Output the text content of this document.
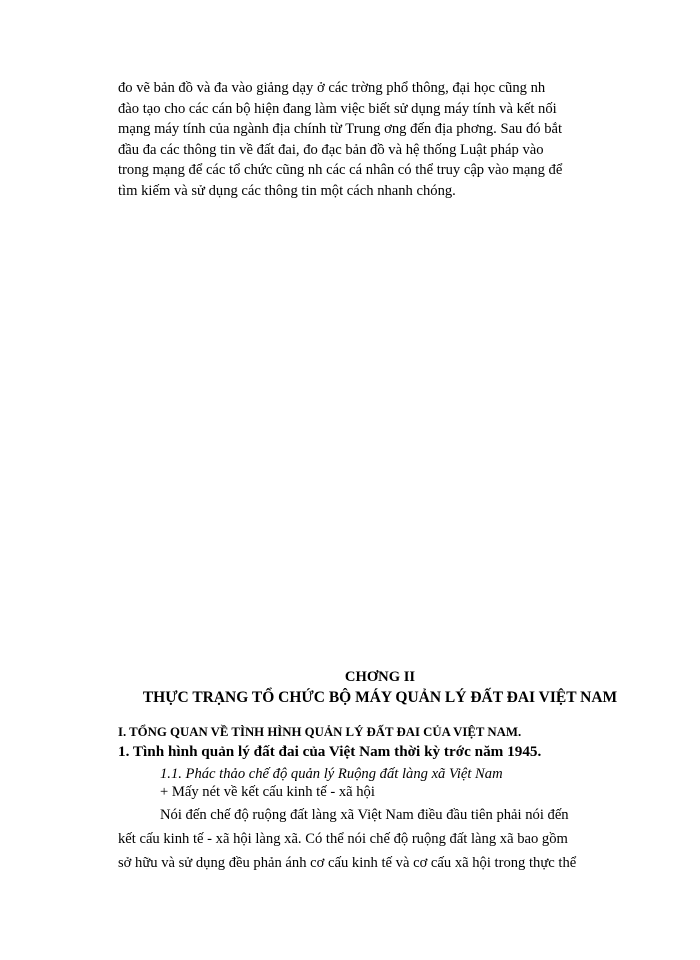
đo vẽ bản đồ và đa vào giảng dạy ở các trờng phổ thông, đại học cũng nh
đào tạo cho các cán bộ hiện đang làm việc biết sử dụng máy tính và kết nối
mạng máy tính của ngành địa chính từ Trung ơng đến địa phơng. Sau đó bắt
đầu đa các thông tin về đất đai, đo đạc bản đồ và hệ thống Luật pháp vào
trong mạng để các tổ chức cũng nh các cá nhân có thể truy cập vào mạng để
tìm kiếm và sử dụng các thông tin một cách nhanh chóng.
CHƠNG II
THỰC TRẠNG TỔ CHỨC BỘ MÁY QUẢN LÝ ĐẤT ĐAI VIỆT NAM
I. TỔNG QUAN VỀ TÌNH HÌNH QUẢN LÝ ĐẤT ĐAI CỦA VIỆT NAM.
1. Tình hình quản lý đất đai của Việt Nam thời kỳ trớc năm 1945.
1.1. Phác thảo chế độ quản lý Ruộng đất làng xã Việt Nam
+ Mấy nét về kết cấu kinh tế - xã hội
Nói đến chế độ ruộng đất làng xã Việt Nam điều đầu tiên phải nói đến
kết cấu kinh tế - xã hội làng xã. Có thể nói chế độ ruộng đất làng xã bao gồm
sở hữu và sử dụng đều phản ánh cơ cấu kinh tế và cơ cấu xã hội trong thực thể
